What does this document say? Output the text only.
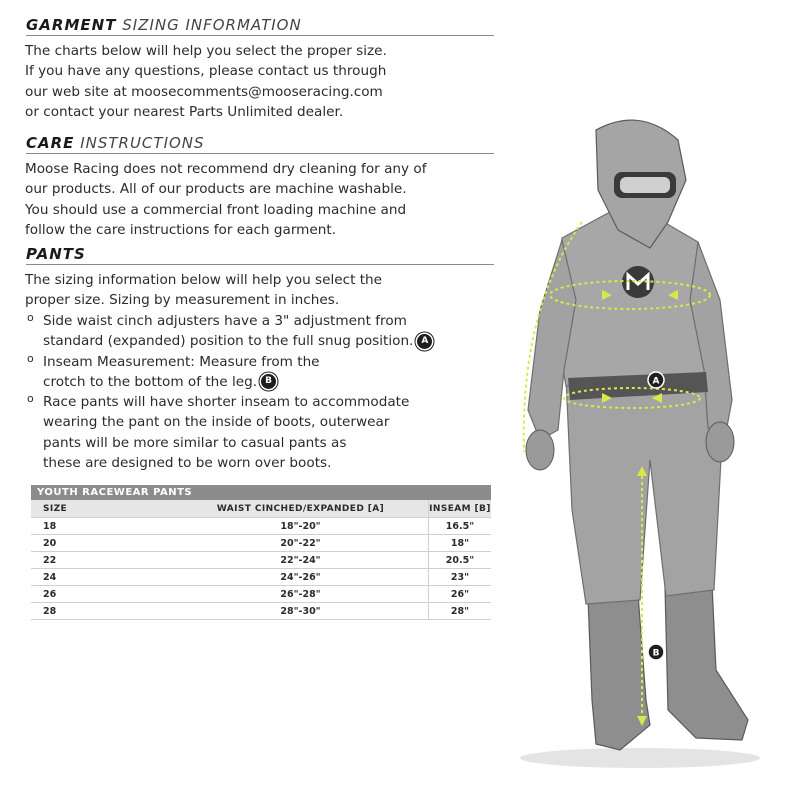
GARMENT SIZING INFORMATION
The charts below will help you select the proper size.
If you have any questions, please contact us through
our web site at moosecomments@mooseracing.com
or contact your nearest Parts Unlimited dealer.
CARE INSTRUCTIONS
Moose Racing does not recommend dry cleaning for any of
our products. All of our products are machine washable.
You should use a commercial front loading machine and
follow the care instructions for each garment.
PANTS
The sizing information below will help you select the
proper size. Sizing by measurement in inches.
o Side waist cinch adjusters have a 3" adjustment from
standard (expanded) position to the full snug position. A
o Inseam Measurement: Measure from the
crotch to the bottom of the leg. B
o Race pants will have shorter inseam to accommodate
wearing the pant on the inside of boots, outerwear
pants will be more similar to casual pants as
these are designed to be worn over boots.
YOUTH RACEWEAR PANTS
SIZE	WAIST CINCHED/EXPANDED [A]	INSEAM [B]
18	18"-20"	16.5"
20	20"-22"	18"
22	22"-24"	20.5"
24	24"-26"	23"
26	26"-28"	26"
28	28"-30"	28"
A
B
